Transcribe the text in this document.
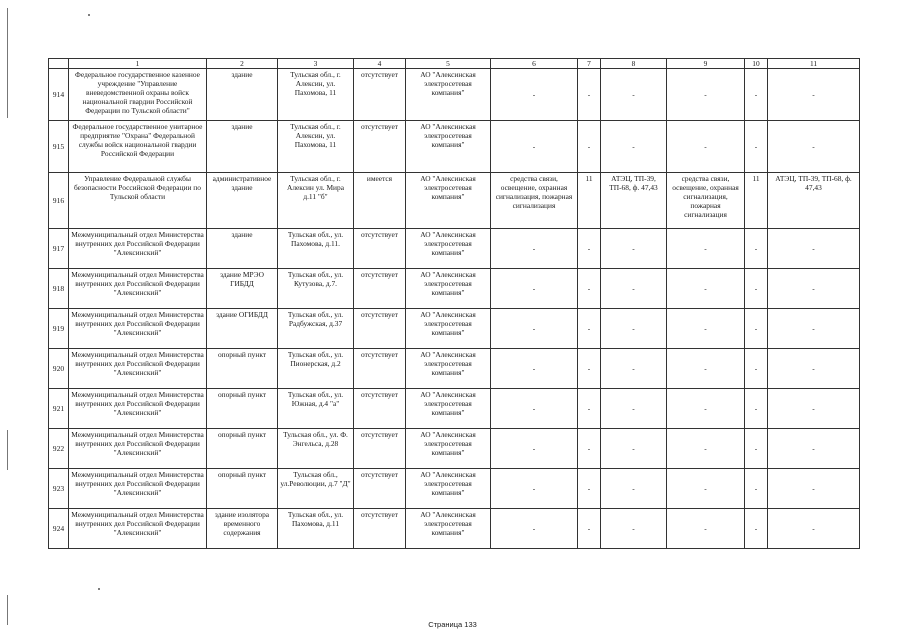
	1	2	3	4	5	6	7	8	9	10	11
914	Федеральное государственное казенное учреждение "Управление вневедомственной охраны войск национальной гвардии Российской Федерации по Тульской области"	здание	Тульская обл., г. Алексин, ул. Пахомова, 11	отсутствует	АО "Алексинская электросетевая компания"	-	-	-	-	-	-
915	Федеральное государственное унитарное предприятие "Охрана" Федеральной службы войск национальной гвардии Российской Федерации	здание	Тульская обл., г. Алексин, ул. Пахомова, 11	отсутствует	АО "Алексинская электросетевая компания"	-	-	-	-	-	-
916	Управление Федеральной службы безопасности Российской Федерации по Тульской области	административное здание	Тульская обл., г. Алексин ул. Мира д.11 "б"	имеется	АО "Алексинская электросетевая компания"	средства связи, освещение, охранная сигнализация, пожарная сигнализация	11	АТЭЦ, ТП-39, ТП-68, ф. 47,43	средства связи, освещение, охранная сигнализация, пожарная сигнализация	11	АТЭЦ, ТП-39, ТП-68, ф. 47,43
917	Межмуниципальный отдел Министерства внутренних дел Российской Федерации "Алексинский"	здание	Тульская обл., ул. Пахомова, д.11.	отсутствует	АО "Алексинская электросетевая компания"	-	-	-	-	-	-
918	Межмуниципальный отдел Министерства внутренних дел Российской Федерации "Алексинский"	здание МРЭО ГИБДД	Тульская обл., ул. Кутузова, д.7.	отсутствует	АО "Алексинская электросетевая компания"	-	-	-	-	-	-
919	Межмуниципальный отдел Министерства внутренних дел Российской Федерации "Алексинский"	здание ОГИБДД	Тульская обл., ул. Радбужская, д.37	отсутствует	АО "Алексинская электросетевая компания"	-	-	-	-	-	-
920	Межмуниципальный отдел Министерства внутренних дел Российской Федерации "Алексинский"	опорный пункт	Тульская обл., ул. Пионерская, д.2	отсутствует	АО "Алексинская электросетевая компания"	-	-	-	-	-	-
921	Межмуниципальный отдел Министерства внутренних дел Российской Федерации "Алексинский"	опорный пункт	Тульская обл., ул. Южная, д.4 "а"	отсутствует	АО "Алексинская электросетевая компания"	-	-	-	-	-	-
922	Межмуниципальный отдел Министерства внутренних дел Российской Федерации "Алексинский"	опорный пункт	Тульская обл., ул. Ф. Энгельса, д.28	отсутствует	АО "Алексинская электросетевая компания"	-	-	-	-	-	-
923	Межмуниципальный отдел Министерства внутренних дел Российской Федерации "Алексинский"	опорный пункт	Тульская обл., ул.Революции, д.7 "Д"	отсутствует	АО "Алексинская электросетевая компания"	-	-	-	-	-	-
924	Межмуниципальный отдел Министерства внутренних дел Российской Федерации "Алексинский"	здание изолятора временного содержания	Тульская обл., ул. Пахомова, д.11	отсутствует	АО "Алексинская электросетевая компания"	-	-	-	-	-	-
Страница 133
